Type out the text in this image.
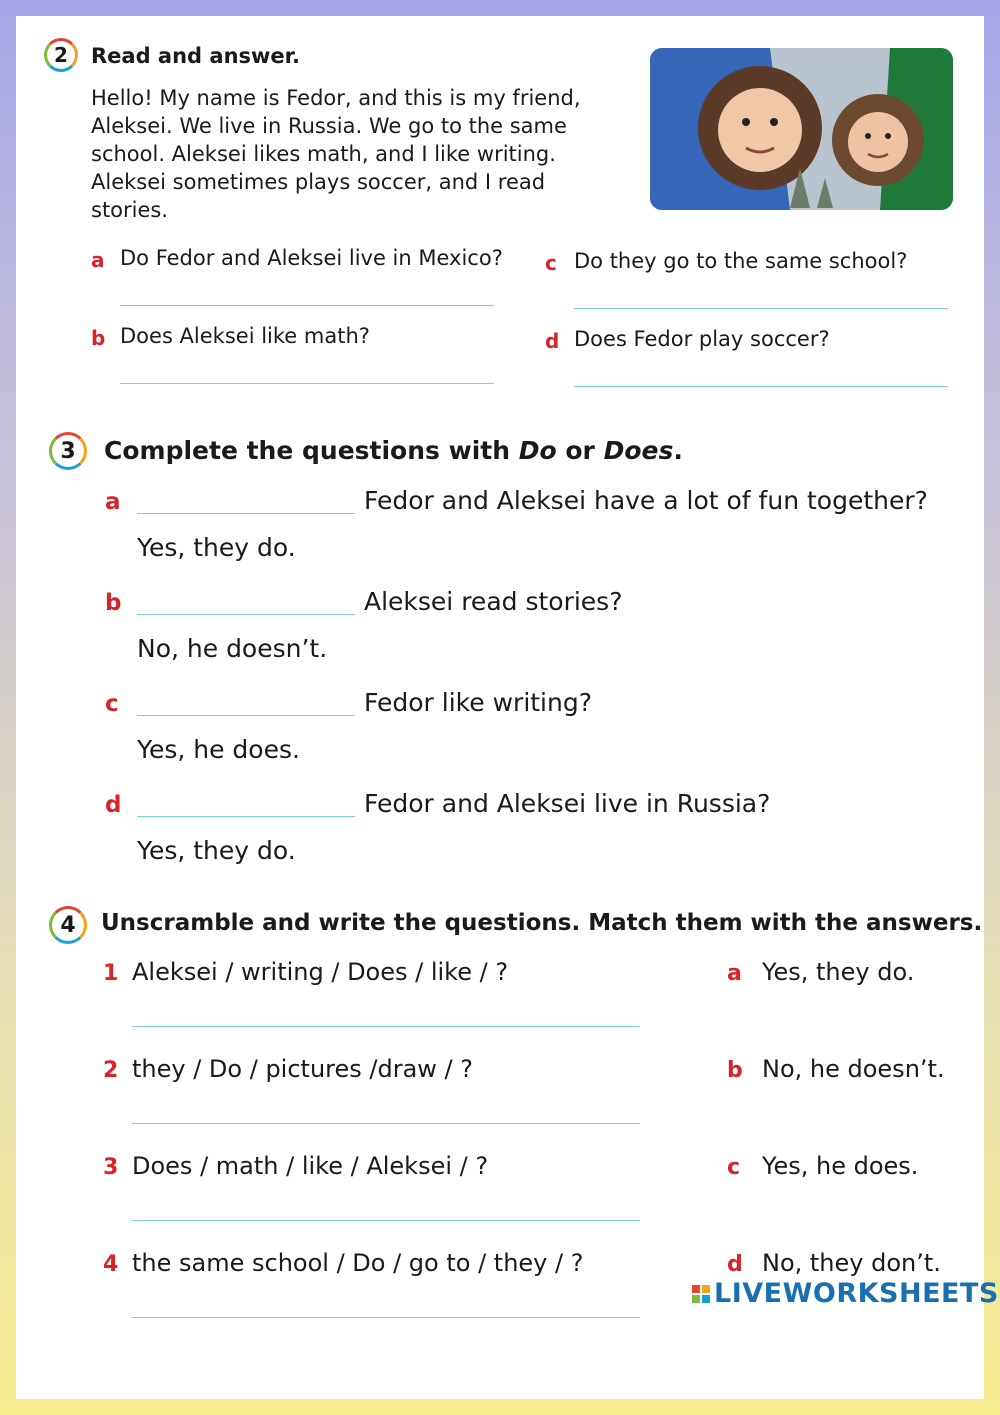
2 Read and answer.
Hello! My name is Fedor, and this is my friend, Aleksei. We live in Russia. We go to the same school. Aleksei likes math, and I like writing. Aleksei sometimes plays soccer, and I read stories.
a Do Fedor and Aleksei live in Mexico?
b Does Aleksei like math?
c Do they go to the same school?
d Does Fedor play soccer?
3 Complete the questions with Do or Does.
a	Fedor and Aleksei have a lot of fun together?
Yes, they do.
b	Aleksei read stories?
No, he doesn’t.
c	Fedor like writing?
Yes, he does.
d	Fedor and Aleksei live in Russia?
Yes, they do.
4 Unscramble and write the questions. Match them with the answers.
1 Aleksei / writing / Does / like / ?
2 they / Do / pictures /draw / ?
3 Does / math / like / Aleksei / ?
4 the same school / Do / go to / they / ?
a Yes, they do.
b No, he doesn’t.
c Yes, he does.
d No, they don’t.
LIVEWORKSHEETS
